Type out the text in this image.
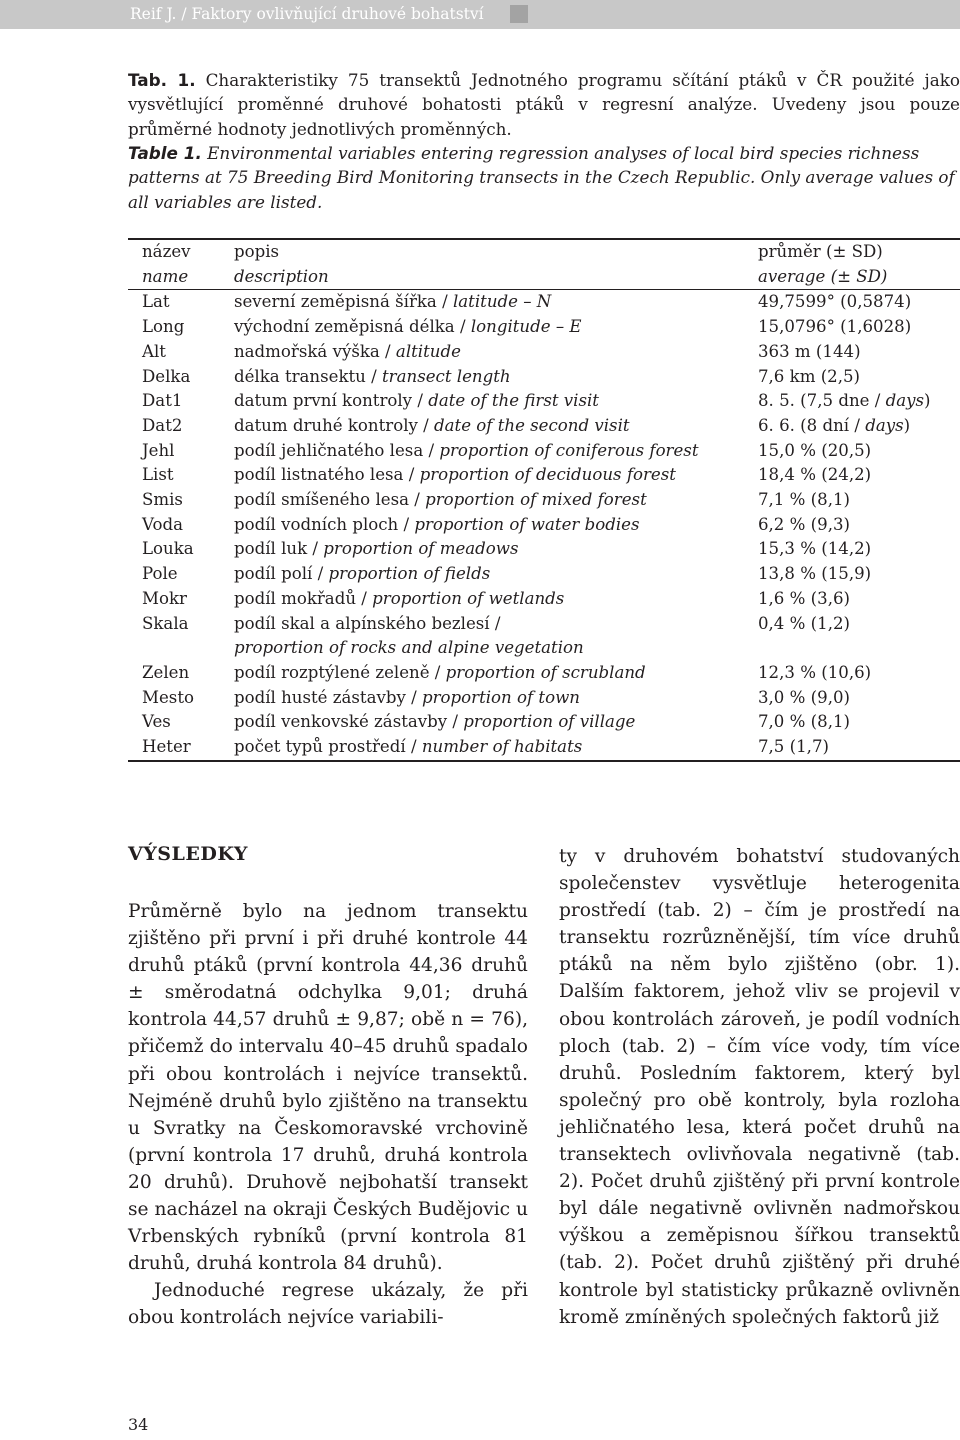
Reif J. / Faktory ovlivňující druhové bohatství
Tab. 1. Charakteristiky 75 transektů Jednotného programu sčítání ptáků v ČR použité jako vysvětlující proměnné druhové bohatosti ptáků v regresní analýze. Uvedeny jsou pouze průměrné hodnoty jednotlivých proměnných.
Table 1. Environmental variables entering regression analyses of local bird species richness patterns at 75 Breeding Bird Monitoring transects in the Czech Republic. Only average values of all variables are listed.
název	popis	průměr (± SD)
name	description	average (± SD)
Lat	severní zeměpisná šířka / latitude – N	49,7599° (0,5874)
Long	východní zeměpisná délka / longitude – E	15,0796° (1,6028)
Alt	nadmořská výška / altitude	363 m (144)
Delka	délka transektu / transect length	7,6 km (2,5)
Dat1	datum první kontroly / date of the first visit	8. 5. (7,5 dne / days)
Dat2	datum druhé kontroly / date of the second visit	6. 6. (8 dní / days)
Jehl	podíl jehličnatého lesa / proportion of coniferous forest	15,0 % (20,5)
List	podíl listnatého lesa / proportion of deciduous forest	18,4 % (24,2)
Smis	podíl smíšeného lesa / proportion of mixed forest	7,1 % (8,1)
Voda	podíl vodních ploch / proportion of water bodies	6,2 % (9,3)
Louka	podíl luk / proportion of meadows	15,3 % (14,2)
Pole	podíl polí / proportion of fields	13,8 % (15,9)
Mokr	podíl mokřadů / proportion of wetlands	1,6 % (3,6)
Skala	podíl skal a alpínského bezlesí /	0,4 % (1,2)
	proportion of rocks and alpine vegetation	
Zelen	podíl rozptýlené zeleně / proportion of scrubland	12,3 % (10,6)
Mesto	podíl husté zástavby / proportion of town	3,0 % (9,0)
Ves	podíl venkovské zástavby / proportion of village	7,0 % (8,1)
Heter	počet typů prostředí / number of habitats	7,5 (1,7)
VÝSLEDKY

Průměrně bylo na jednom transektu zjištěno při první i při druhé kontrole 44 druhů ptáků (první kontrola 44,36 druhů ± směrodatná odchylka 9,01; druhá kontrola 44,57 druhů ± 9,87; obě n = 76), přičemž do intervalu 40–45 druhů spadalo při obou kontrolách i nejvíce transektů. Nejméně druhů bylo zjištěno na transektu u Svratky na Českomoravské vrchovině (první kontrola 17 druhů, druhá kontrola 20 druhů). Druhově nejbohatší transekt se nacházel na okraji Českých Budějovic u Vrbenských rybníků (první kontrola 81 druhů, druhá kontrola 84 druhů).

Jednoduché regrese ukázaly, že při obou kontrolách nejvíce variabili-

ty v druhovém bohatství studovaných společenstev vysvětluje heterogenita prostředí (tab. 2) – čím je prostředí na transektu rozrůzněnější, tím více druhů ptáků na něm bylo zjištěno (obr. 1). Dalším faktorem, jehož vliv se projevil v obou kontrolách zároveň, je podíl vodních ploch (tab. 2) – čím více vody, tím více druhů. Posledním faktorem, který byl společný pro obě kontroly, byla rozloha jehličnatého lesa, která počet druhů na transektech ovlivňovala negativně (tab. 2). Počet druhů zjištěný při první kontrole byl dále negativně ovlivněn nadmořskou výškou a zeměpisnou šířkou transektů (tab. 2). Počet druhů zjištěný při druhé kontrole byl statisticky průkazně ovlivněn kromě zmíněných společných faktorů již

34
